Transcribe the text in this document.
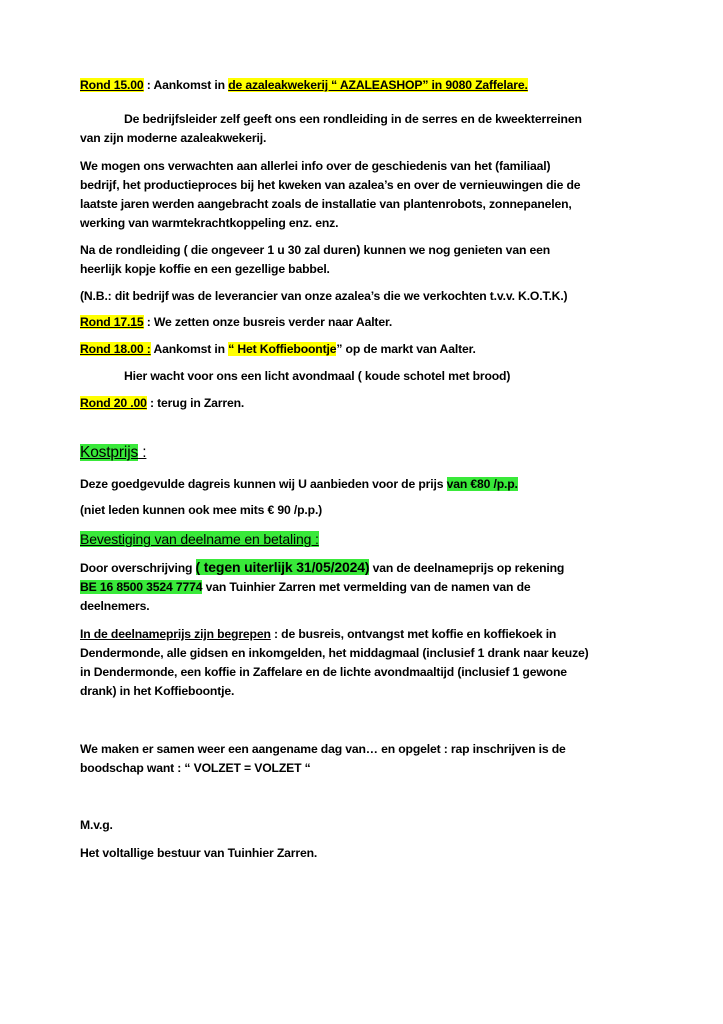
Rond 15.00 : Aankomst in de azaleakwekerij “ AZALEASHOP” in 9080 Zaffelare.

De bedrijfsleider zelf geeft ons een rondleiding in de serres en de kweekterreinen

van zijn moderne azaleakwekerij.

We mogen ons verwachten aan allerlei info over de geschiedenis van het (familiaal)
bedrijf, het productieproces bij het kweken van azalea’s en over de vernieuwingen die de
laatste jaren werden aangebracht zoals de installatie van plantenrobots, zonnepanelen,
werking van warmtekrachtkoppeling enz. enz.

Na de rondleiding ( die ongeveer 1 u 30 zal duren) kunnen we nog genieten van een
heerlijk kopje koffie en een gezellige babbel.

(N.B.: dit bedrijf was de leverancier van onze azalea’s die we verkochten t.v.v. K.O.T.K.)

Rond 17.15 : We zetten onze busreis verder naar Aalter.

Rond 18.00 : Aankomst in “ Het Koffieboontje” op de markt van Aalter.

Hier wacht voor ons een licht avondmaal ( koude schotel met brood)

Rond 20 .00 : terug in Zarren.

Kostprijs :

Deze goedgevulde dagreis kunnen wij U aanbieden voor de prijs van €80 /p.p.

(niet leden kunnen ook mee mits € 90 /p.p.)

Bevestiging van deelname en betaling :

Door overschrijving ( tegen uiterlijk 31/05/2024) van de deelnameprijs op rekening
BE 16 8500 3524 7774 van Tuinhier Zarren met vermelding van de namen van de
deelnemers.

In de deelnameprijs zijn begrepen : de busreis, ontvangst met koffie en koffiekoek in
Dendermonde, alle gidsen en inkomgelden, het middagmaal (inclusief 1 drank naar keuze)
in Dendermonde, een koffie in Zaffelare en de lichte avondmaaltijd (inclusief 1 gewone
drank) in het Koffieboontje.

We maken er samen weer een aangename dag van… en opgelet : rap inschrijven is de
boodschap want : “ VOLZET = VOLZET “

M.v.g.

Het voltallige bestuur van Tuinhier Zarren.
